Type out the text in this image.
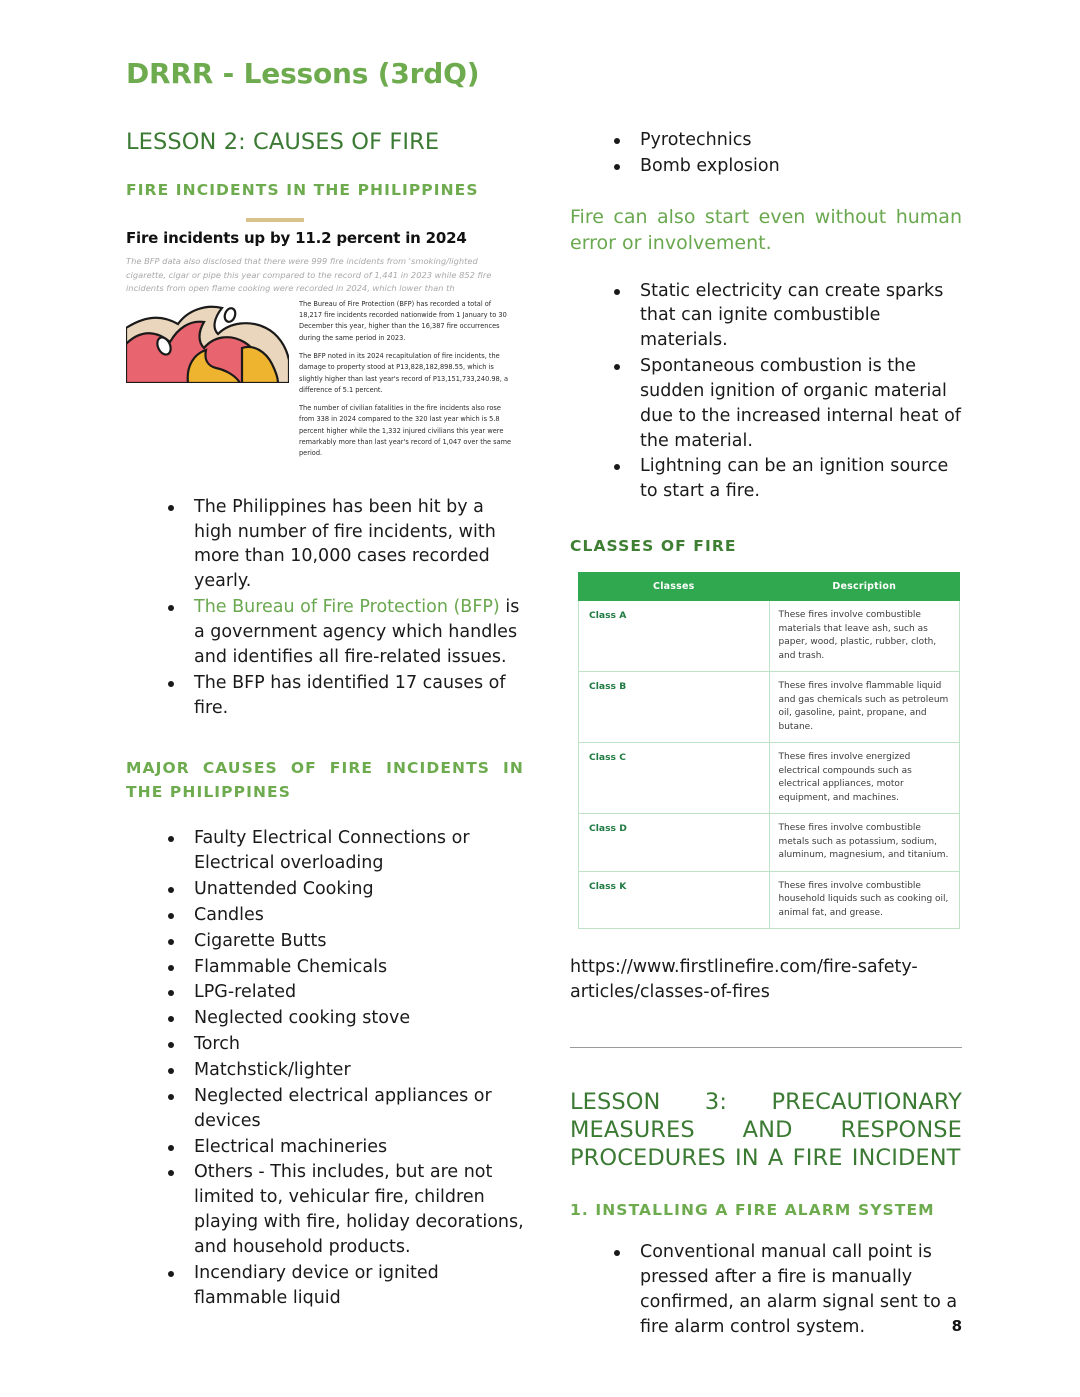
DRRR - Lessons (3rdQ)
LESSON 2: CAUSES OF FIRE
FIRE INCIDENTS IN THE PHILIPPINES
Fire incidents up by 11.2 percent in 2024
The BFP data also disclosed that there were 999 fire incidents from 'smoking/lighted cigarette, cigar or pipe this year compared to the record of 1,441 in 2023 while 852 fire incidents from open flame cooking were recorded in 2024, which lower than th

The Bureau of Fire Protection (BFP) has recorded a total of 18,217 fire incidents recorded nationwide from 1 January to 30 December this year, higher than the 16,387 fire occurrences during the same period in 2023.

The BFP noted in its 2024 recapitulation of fire incidents, the damage to property stood at P13,828,182,898.55, which is slightly higher than last year's record of P13,151,733,240.98, a difference of 5.1 percent.

The number of civilian fatalities in the fire incidents also rose from 338 in 2024 compared to the 320 last year which is 5.8 percent higher while the 1,332 injured civilians this year were remarkably more than last year's record of 1,047 over the same period.

The Philippines has been hit by a high number of fire incidents, with more than 10,000 cases recorded yearly.
The Bureau of Fire Protection (BFP) is a government agency which handles and identifies all fire-related issues.
The BFP has identified 17 causes of fire.
MAJOR CAUSES OF FIRE INCIDENTS IN THE PHILIPPINES
Faulty Electrical Connections or Electrical overloading
Unattended Cooking
Candles
Cigarette Butts
Flammable Chemicals
LPG-related
Neglected cooking stove
Torch
Matchstick/lighter
Neglected electrical appliances or devices
Electrical machineries
Others - This includes, but are not limited to, vehicular fire, children playing with fire, holiday decorations, and household products.
Incendiary device or ignited flammable liquid
Pyrotechnics
Bomb explosion

Fire can also start even without human error or involvement.

Static electricity can create sparks that can ignite combustible materials.
Spontaneous combustion is the sudden ignition of organic material due to the increased internal heat of the material.
Lightning can be an ignition source to start a fire.
CLASSES OF FIRE
Classes	Description
Class A	These fires involve combustible materials that leave ash, such as paper, wood, plastic, rubber, cloth, and trash.
Class B	These fires involve flammable liquid and gas chemicals such as petroleum oil, gasoline, paint, propane, and butane.
Class C	These fires involve energized electrical compounds such as electrical appliances, motor equipment, and machines.
Class D	These fires involve combustible metals such as potassium, sodium, aluminum, magnesium, and titanium.
Class K	These fires involve combustible household liquids such as cooking oil, animal fat, and grease.

https://www.firstlinefire.com/fire-safety-articles/classes-of-fires

LESSON 3: PRECAUTIONARY MEASURES AND RESPONSE PROCEDURES IN A FIRE INCIDENT
1. INSTALLING A FIRE ALARM SYSTEM
Conventional manual call point is pressed after a fire is manually confirmed, an alarm signal sent to a fire alarm control system.	8
